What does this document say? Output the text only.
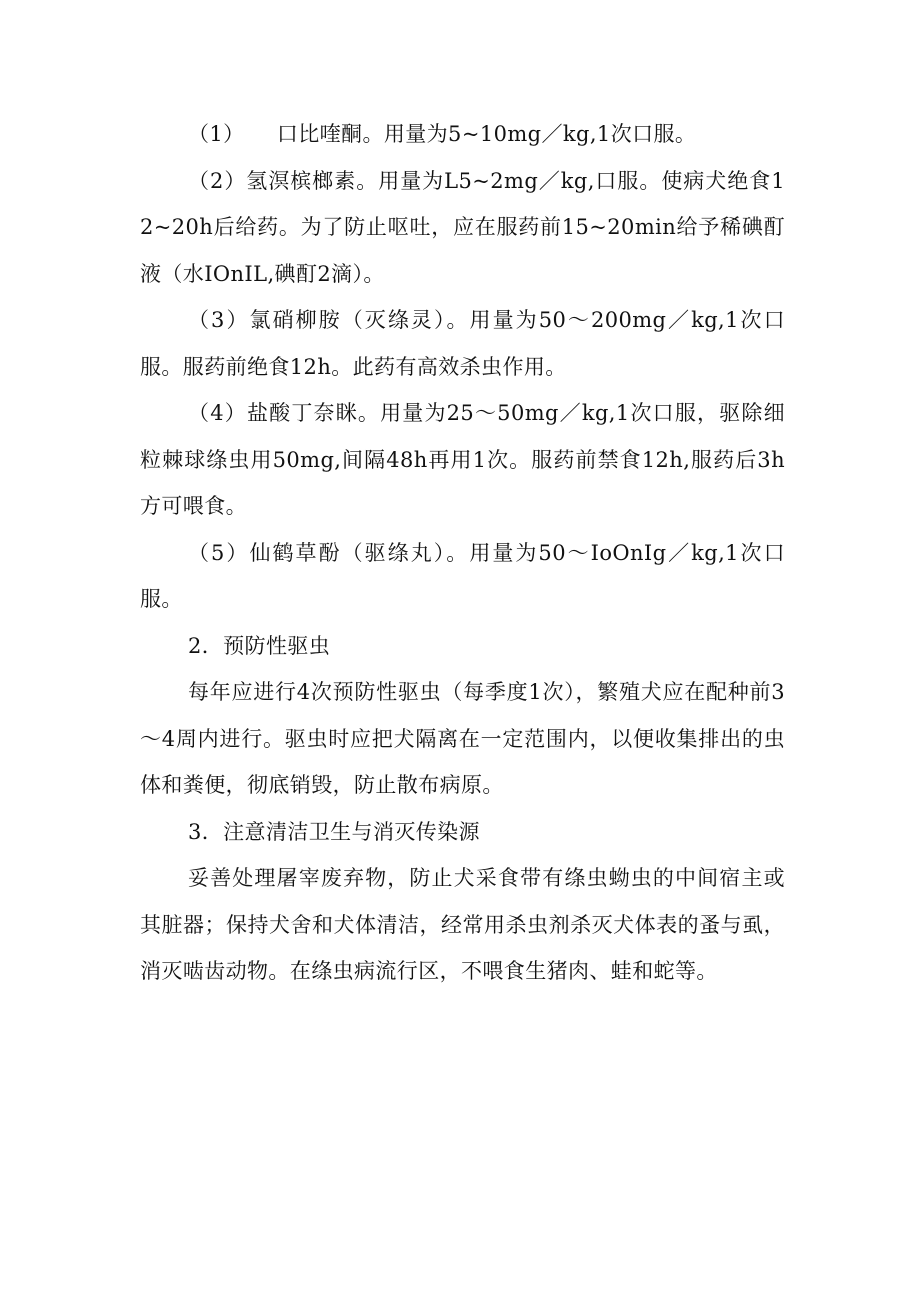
（1）　　口比喹酮。用量为5~10mg／kg,1次口服。

（2）氢溟槟榔素。用量为L5~2mg／kg,口服。使病犬绝食12~20h后给药。为了防止呕吐，应在服药前15~20min给予稀碘酊液（水IOnIL,碘酊2滴）。

（3）氯硝柳胺（灭绦灵）。用量为50～200mg／kg,1次口服。服药前绝食12h。此药有高效杀虫作用。

（4）盐酸丁奈眯。用量为25～50mg／kg,1次口服，驱除细粒棘球绦虫用50mg,间隔48h再用1次。服药前禁食12h,服药后3h方可喂食。

（5）仙鹤草酚（驱绦丸）。用量为50～IoOnIg／kg,1次口服。

2．预防性驱虫

每年应进行4次预防性驱虫（每季度1次），繁殖犬应在配种前3～4周内进行。驱虫时应把犬隔离在一定范围内，以便收集排出的虫体和粪便，彻底销毁，防止散布病原。

3．注意清洁卫生与消灭传染源

妥善处理屠宰废弃物，防止犬采食带有绦虫蚴虫的中间宿主或其脏器；保持犬舍和犬体清洁，经常用杀虫剂杀灭犬体表的蚤与虱，消灭啮齿动物。在绦虫病流行区，不喂食生猪肉、蛙和蛇等。
